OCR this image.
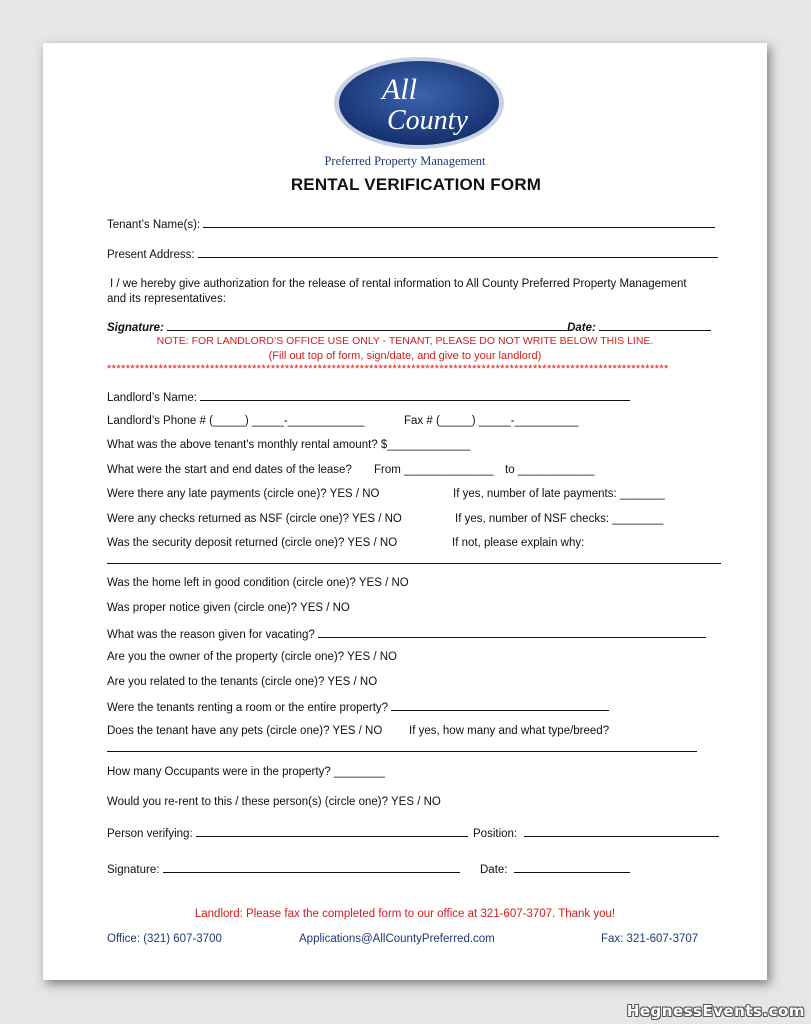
All
County
Preferred Property Management
RENTAL VERIFICATION FORM
Tenant’s Name(s):
Present Address:
I / we hereby give authorization for the release of rental information to All County Preferred Property Management
and its representatives:
Signature:	Date:
NOTE: FOR LANDLORD’S OFFICE USE ONLY - TENANT, PLEASE DO NOT WRITE BELOW THIS LINE.
(Fill out top of form, sign/date, and give to your landlord)
************************************************************************************************************************
Landlord’s Name:
Landlord’s Phone # (_____) _____-____________	Fax # (_____) _____-__________
What was the above tenant's monthly rental amount? $_____________
What were the start and end dates of the lease? From ______________ to ____________
Were there any late payments (circle one)? YES / NO	If yes, number of late payments: _______
Were any checks returned as NSF (circle one)? YES / NO	If yes, number of NSF checks: ________
Was the security deposit returned (circle one)? YES / NO	If not, please explain why:
Was the home left in good condition (circle one)? YES / NO
Was proper notice given (circle one)? YES / NO
What was the reason given for vacating?
Are you the owner of the property (circle one)? YES / NO
Are you related to the tenants (circle one)? YES / NO
Were the tenants renting a room or the entire property?
Does the tenant have any pets (circle one)? YES / NO If yes, how many and what type/breed?
How many Occupants were in the property? ________
Would you re-rent to this / these person(s) (circle one)? YES / NO
Person verifying:	Position:
Signature:	Date:
Landlord: Please fax the completed form to our office at 321-607-3707. Thank you!
Office: (321) 607-3700	Applications@AllCountyPreferred.com	Fax: 321-607-3707
HegnessEvents.com
